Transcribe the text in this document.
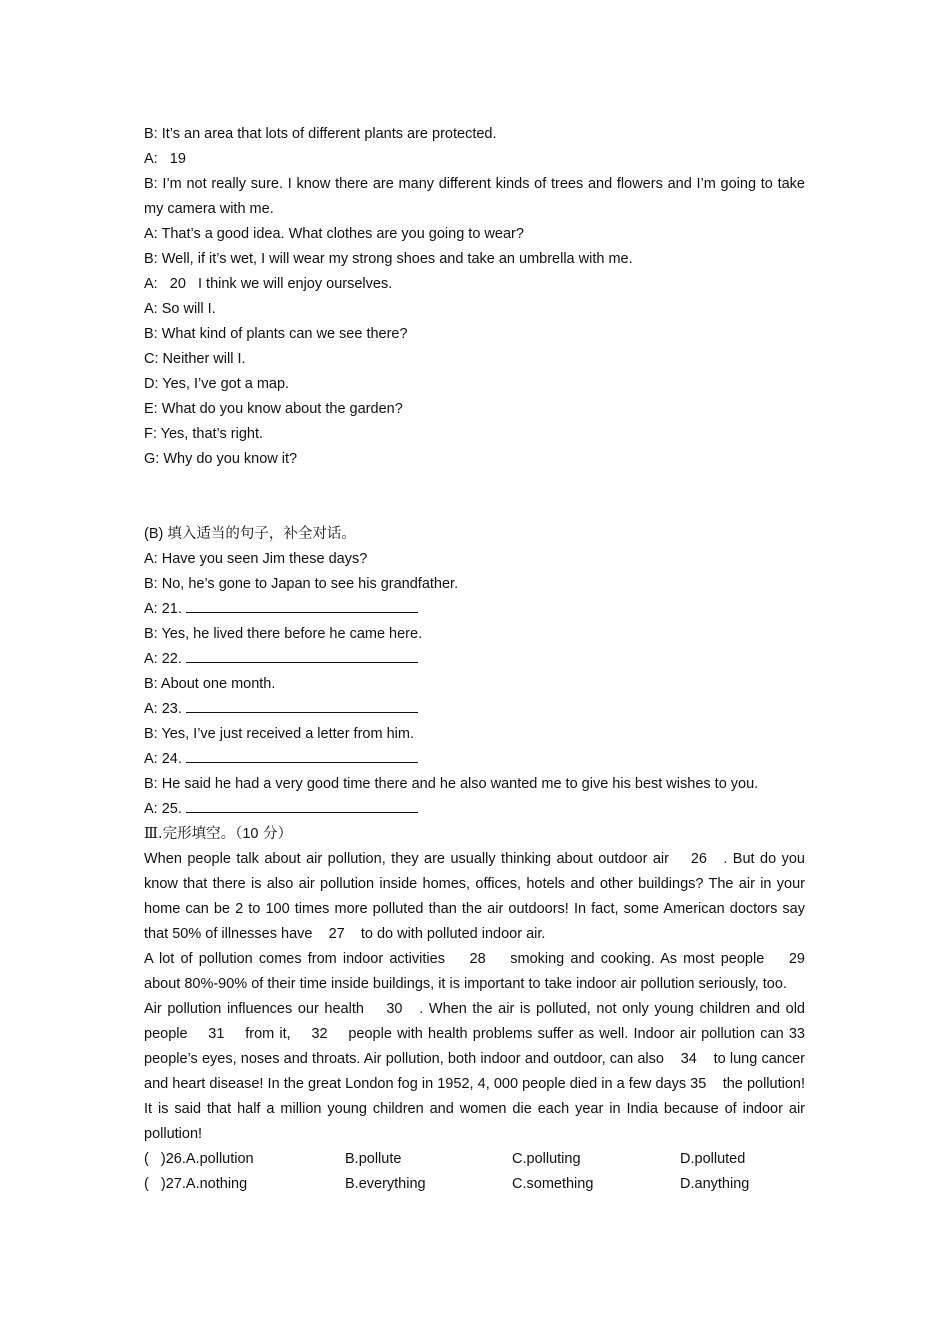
B: It’s an area that lots of different plants are protected.
A:   19
B: I’m not really sure. I know there are many different kinds of trees and flowers and I’m going to take my camera with me.
A: That’s a good idea. What clothes are you going to wear?
B: Well, if it’s wet, I will wear my strong shoes and take an umbrella with me.
A:   20   I think we will enjoy ourselves.
A: So will I.
B: What kind of plants can we see there?
C: Neither will I.
D: Yes, I’ve got a map.
E: What do you know about the garden?
F: Yes, that’s right.
G: Why do you know it?
(B) 填入适当的句子，补全对话。
A: Have you seen Jim these days?
B: No, he’s gone to Japan to see his grandfather.
A: 21.
B: Yes, he lived there before he came here.
A: 22.
B: About one month.
A: 23.
B: Yes, I’ve just received a letter from him.
A: 24.
B: He said he had a very good time there and he also wanted me to give his best wishes to you.
A: 25.
Ⅲ.完形填空。（10 分）
When people talk about air pollution, they are usually thinking about outdoor air    26   . But do you know that there is also air pollution inside homes, offices, hotels and other buildings? The air in your home can be 2 to 100 times more polluted than the air outdoors! In fact, some American doctors say that 50% of illnesses have    27    to do with polluted indoor air.
A lot of pollution comes from indoor activities    28    smoking and cooking. As most people    29    about 80%-90% of their time inside buildings, it is important to take indoor air pollution seriously, too.
Air pollution influences our health    30   . When the air is polluted, not only young children and old people    31    from it,    32    people with health problems suffer as well. Indoor air pollution can 33    people’s eyes, noses and throats. Air pollution, both indoor and outdoor, can also    34    to lung cancer and heart disease! In the great London fog in 1952, 4, 000 people died in a few days 35    the pollution! It is said that half a million young children and women die each year in India because of indoor air pollution!
(   )26.A.pollution	B.pollute	C.polluting	D.polluted
(   )27.A.nothing	B.everything	C.something	D.anything
